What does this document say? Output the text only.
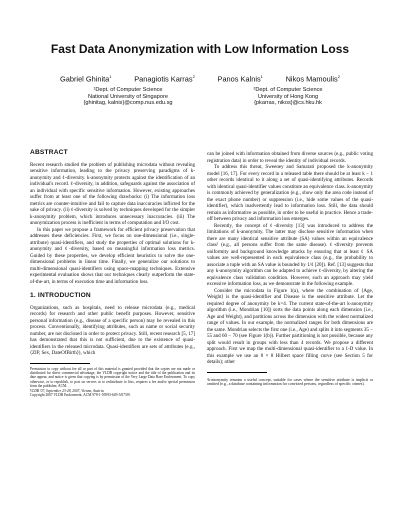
Fast Data Anonymization with Low Information Loss
Gabriel Ghinita$^1$	Panagiotis Karras$^2$	Panos Kalnis$^1$	Nikos Mamoulis$^2$
¹Dept. of Computer Science
National University of Singapore
{ghinitag, kalnis}@comp.nus.edu.sg
²Dept. of Computer Science
University of Hong Kong
{pkarras, nikos}@cs.hku.hk
ABSTRACT

Recent research studied the problem of publishing microdata without revealing sensitive information, leading to the privacy preserving paradigms of k-anonymity and ℓ-diversity. k-anonymity protects against the identification of an individual's record. ℓ-diversity, in addition, safeguards against the association of an individual with specific sensitive information. However, existing approaches suffer from at least one of the following drawbacks: (i) The information loss metrics are counter-intuitive and fail to capture data inaccuracies inflicted for the sake of privacy. (ii) ℓ-diversity is solved by techniques developed for the simpler k-anonymity problem, which introduces unnecessary inaccuracies. (iii) The anonymization process is inefficient in terms of computation and I/O cost.

In this paper we propose a framework for efficient privacy preservation that addresses these deficiencies. First, we focus on one-dimensional (i.e., single-attribute) quasi-identifiers, and study the properties of optimal solutions for k-anonymity and ℓ-diversity, based on meaningful information loss metrics. Guided by these properties, we develop efficient heuristics to solve the one-dimensional problems in linear time. Finally, we generalize our solutions to multi-dimensional quasi-identifiers using space-mapping techniques. Extensive experimental evaluation shows that our techniques clearly outperform the state-of-the-art, in terms of execution time and information loss.

1. INTRODUCTION

Organizations, such as hospitals, need to release microdata (e.g., medical records) for research and other public benefit purposes. However, sensitive personal information (e.g., disease of a specific person) may be revealed in this process. Conventionally, identifying attributes, such as name or social security number, are not disclosed in order to protect privacy. Still, recent research [5, 17] has demonstrated that this is not sufficient, due to the existence of quasi-identifiers in the released microdata. Quasi-identifiers are sets of attributes (e.g., ⟨ZIP, Sex, DateOfBirth⟩), which

Permission to copy without fee all or part of this material is granted provided that the copies are not made or distributed for direct commercial advantage, the VLDB copyright notice and the title of the publication and its date appear, and notice is given that copying is by permission of the Very Large Data Base Endowment. To copy otherwise, or to republish, to post on servers or to redistribute to lists, requires a fee and/or special permission from the publisher, ACM.
VLDB '07, September 23-28, 2007, Vienna, Austria.
Copyright 2007 VLDB Endowment, ACM 978-1-59593-649-3/07/09.

can be joined with information obtained from diverse sources (e.g., public voting registration data) in order to reveal the identity of individual records.

To address this threat, Sweeney and Samarati proposed the k-anonymity model [16, 17]. For every record in a released table there should be at least k − 1 other records identical to it along a set of quasi-identifying attributes. Records with identical quasi-identifier values constitute an equivalence class. k-anonymity is commonly achieved by generalization (e.g., show only the area code instead of the exact phone number) or suppression (i.e., hide some values of the quasi-identifier), which inadvertently lead to information loss. Still, the data should remain as informative as possible, in order to be useful in practice. Hence a trade-off between privacy and information loss emerges.

Recently, the concept of ℓ-diversity [13] was introduced to address the limitations of k-anonymity. The latter may disclose sensitive information when there are many identical sensitive attribute (SA) values within an equivalence class¹ (e.g., all persons suffer from the same disease). ℓ-diversity prevents uniformity and background knowledge attacks by ensuring that at least ℓ SA values are well-represented in each equivalence class (e.g., the probability to associate a tuple with an SA value is bounded by 1/ℓ [20]). Ref. [13] suggests that any k-anonymity algorithm can be adapted to achieve ℓ-diversity, by altering the equivalence class validation condition. However, such an approach may yield excessive information loss, as we demonstrate in the following example.

Consider the microdata in Figure 1(a), where the combination of ⟨Age, Weight⟩ is the quasi-identifier and Disease is the sensitive attribute. Let the required degree of anonymity be k=4. The current state-of-the-art k-anonymity algorithm (i.e., Mondrian [10]) sorts the data points along each dimension (i.e., Age and Weight), and partitions across the dimension with the widest normalized range of values. In our example, the normalized ranges for both dimensions are the same. Mondrian selects the first one (i.e., Age) and splits it into segments 35 − 55 and 60 − 70 (see Figure 1(b)). Further partitioning is not possible, because any split would result in groups with less than 4 records. We propose a different approach. First we map the multi-dimensional quasi-identifier to a 1-D value. In this example we use an 8 × 8 Hilbert space filling curve (see Section 5 for details); other

¹k-anonymity remains a useful concept, suitable for cases where the sensitive attribute is implicit or omitted (e.g., a database containing information for convicted persons, regardless of specific crimes).
